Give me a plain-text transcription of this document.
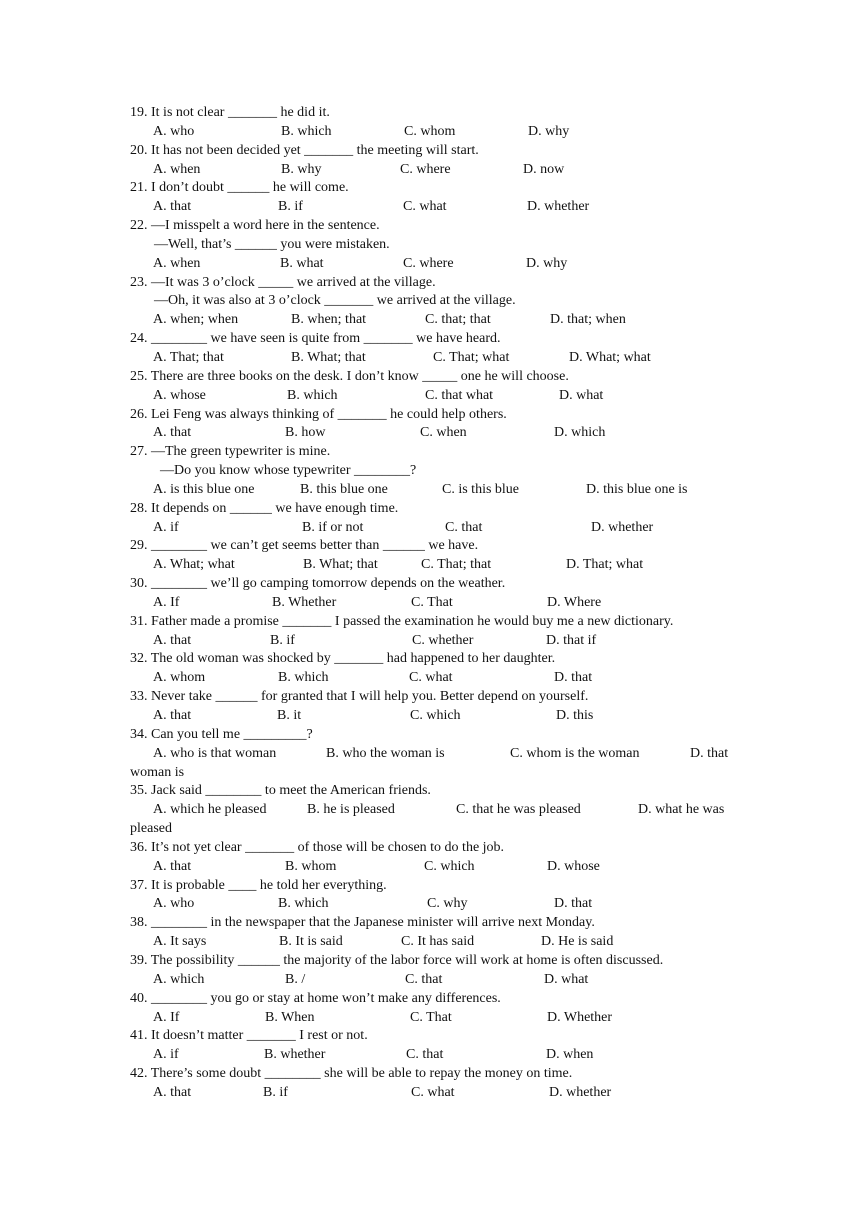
19. It is not clear _______ he did it.
A. who	B. which	C. whom	D. why
20. It has not been decided yet _______ the meeting will start.
A. when	B. why	C. where	D. now
21. I don’t doubt ______ he will come.
A. that	B. if	C. what	D. whether
22. —I misspelt a word here in the sentence.
—Well, that’s ______ you were mistaken.
A. when	B. what	C. where	D. why
23. —It was 3 o’clock _____ we arrived at the village.
—Oh, it was also at 3 o’clock _______ we arrived at the village.
A. when; when	B. when; that	C. that; that	D. that; when
24. ________ we have seen is quite from _______ we have heard.
A. That; that	B. What; that	C. That; what	D. What; what
25. There are three books on the desk. I don’t know _____ one he will choose.
A. whose	B. which	C. that what	D. what
26. Lei Feng was always thinking of _______ he could help others.
A. that	B. how	C. when	D. which
27. —The green typewriter is mine.
—Do you know whose typewriter ________?
A. is this blue one	B. this blue one	C. is this blue	D. this blue one is
28. It depends on ______ we have enough time.
A. if	B. if or not	C. that	D. whether
29. ________ we can’t get seems better than ______ we have.
A. What; what	B. What; that	C. That; that	D. That; what
30. ________ we’ll go camping tomorrow depends on the weather.
A. If	B. Whether	C. That	D. Where
31. Father made a promise _______ I passed the examination he would buy me a new dictionary.
A. that	B. if	C. whether	D. that if
32. The old woman was shocked by _______ had happened to her daughter.
A. whom	B. which	C. what	D. that
33. Never take ______ for granted that I will help you. Better depend on yourself.
A. that	B. it	C. which	D. this
34. Can you tell me _________?
A. who is that woman	B. who the woman is	C. whom is the woman	D. that
woman is
35. Jack said ________ to meet the American friends.
A. which he pleased	B. he is pleased	C. that he was pleased	D. what he was
pleased
36. It’s not yet clear _______ of those will be chosen to do the job.
A. that	B. whom	C. which	D. whose
37. It is probable ____ he told her everything.
A. who	B. which	C. why	D. that
38. ________ in the newspaper that the Japanese minister will arrive next Monday.
A. It says	B. It is said	C. It has said	D. He is said
39. The possibility ______ the majority of the labor force will work at home is often discussed.
A. which	B. /	C. that	D. what
40. ________ you go or stay at home won’t make any differences.
A. If	B. When	C. That	D. Whether
41. It doesn’t matter _______ I rest or not.
A. if	B. whether	C. that	D. when
42. There’s some doubt ________ she will be able to repay the money on time.
A. that	B. if	C. what	D. whether
